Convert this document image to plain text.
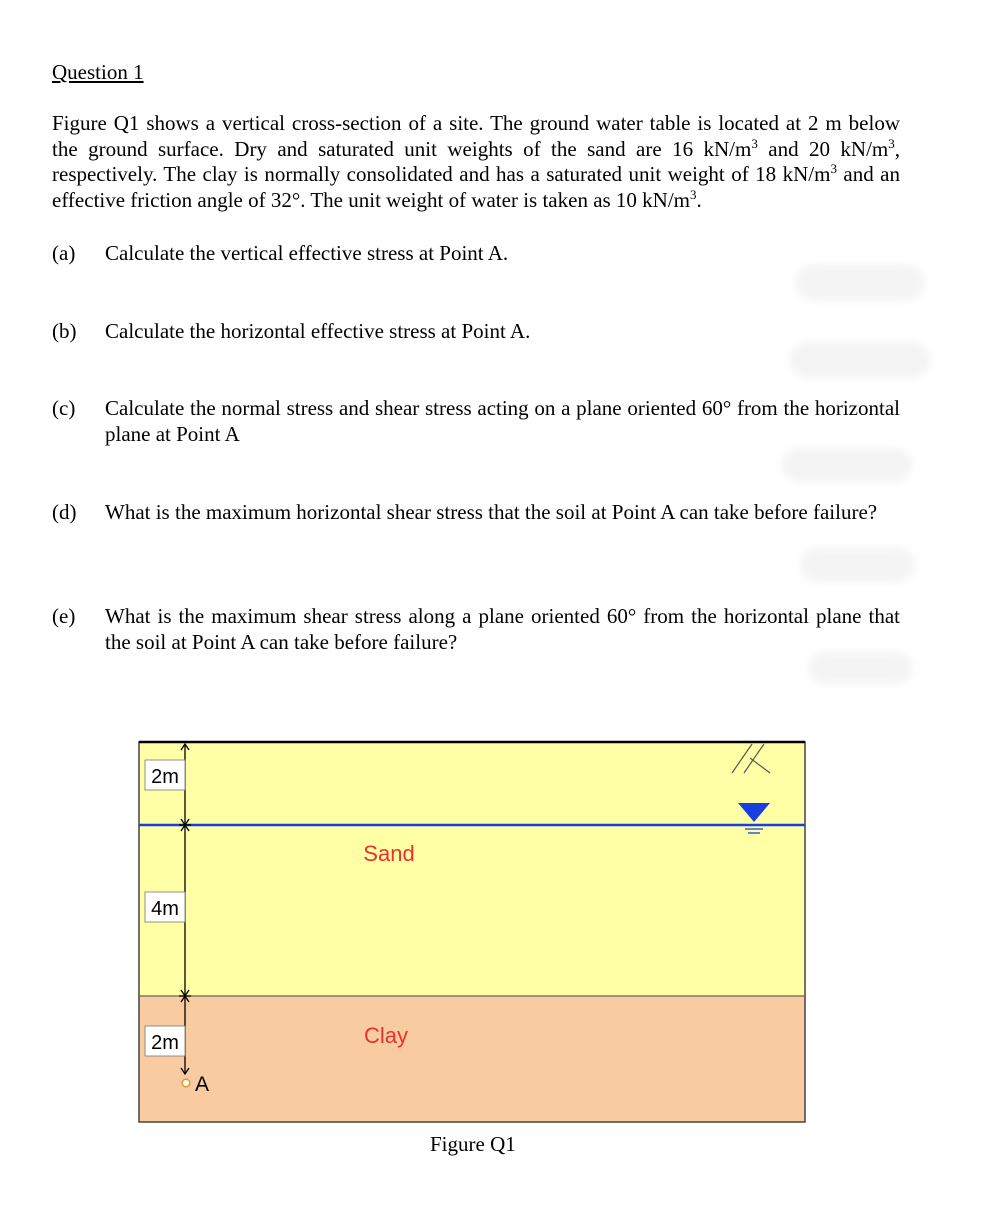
Question 1

Figure Q1 shows a vertical cross-section of a site. The ground water table is located at 2 m below the ground surface. Dry and saturated unit weights of the sand are 16 $kN/m^3$ and 20 $kN/m^3$, respectively. The clay is normally consolidated and has a saturated unit weight of 18 $kN/m^3$ and an effective friction angle of 32°. The unit weight of water is taken as 10 $kN/m^3$.

(a) Calculate the vertical effective stress at Point A.
(b) Calculate the horizontal effective stress at Point A.
(c) Calculate the normal stress and shear stress acting on a plane oriented 60° from the horizontal plane at Point A
(d) What is the maximum horizontal shear stress that the soil at Point A can take before failure?
(e) What is the maximum shear stress along a plane oriented 60° from the horizontal plane that the soil at Point A can take before failure?
2m
4m
2m
Sand
Clay
A
Figure Q1
